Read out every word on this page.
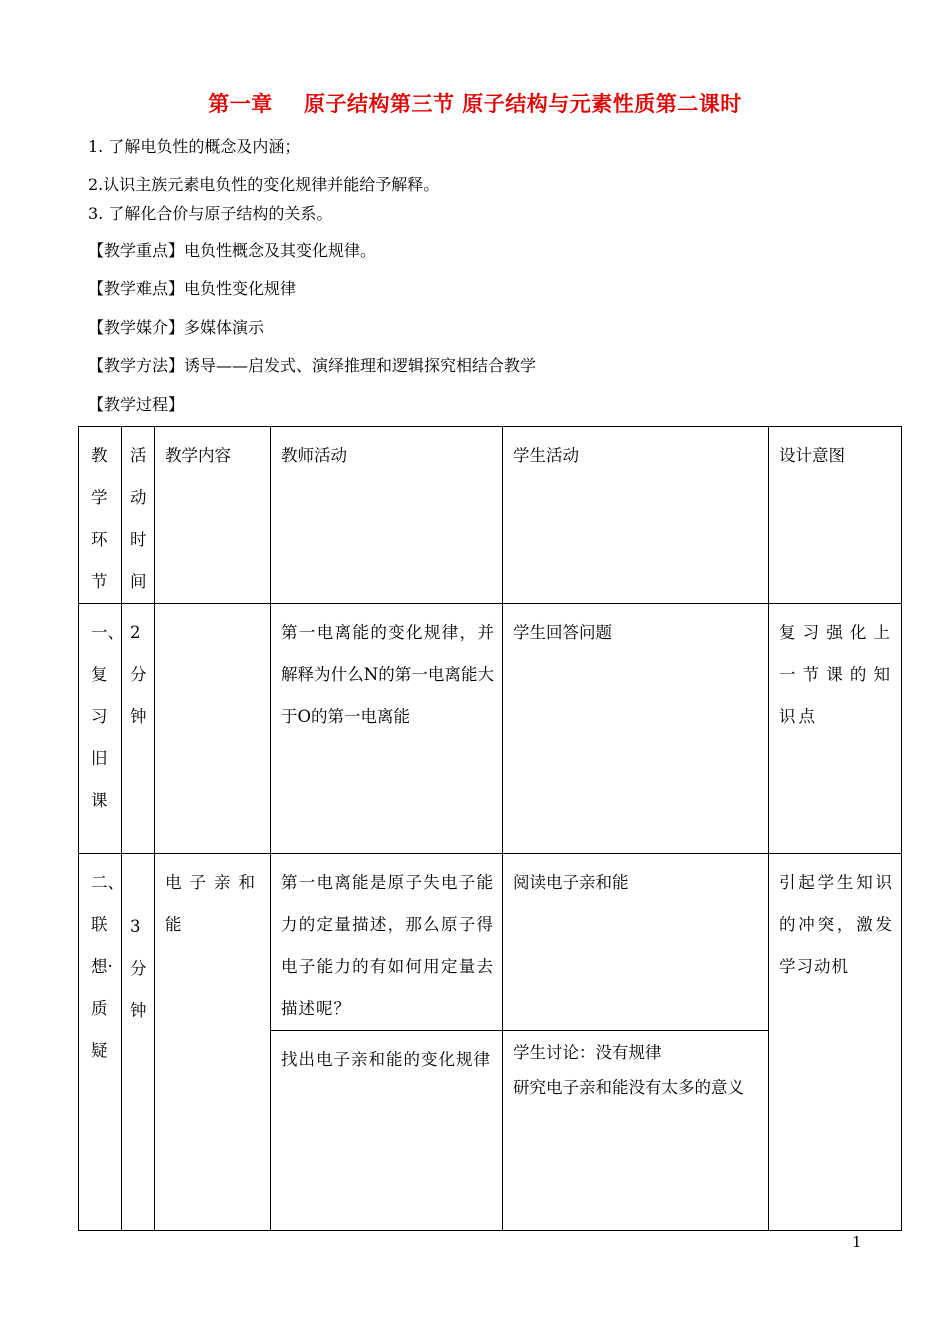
第一章    原子结构第三节 原子结构与元素性质第二课时
1. 了解电负性的概念及内涵；
2.认识主族元素电负性的变化规律并能给予解释。
3. 了解化合价与原子结构的关系。
【教学重点】电负性概念及其变化规律。
【教学难点】电负性变化规律
【教学媒介】多媒体演示
【教学方法】诱导——启发式、演绎推理和逻辑探究相结合教学
【教学过程】
教学环节	活动时间	教学内容	教师活动	学生活动	设计意图
一、复习旧课	2分钟		第一电离能的变化规律，并解释为什么N的第一电离能大于O的第一电离能	学生回答问题	复习强化上一节课的知识点
二、联想·质疑	3分钟	电子亲和能	第一电离能是原子失电子能力的定量描述，那么原子得电子能力的有如何用定量去描述呢？	阅读电子亲和能	引起学生知识的冲突，激发学习动机
			找出电子亲和能的变化规律	学生讨论：没有规律
研究电子亲和能没有太多的意义	
1
